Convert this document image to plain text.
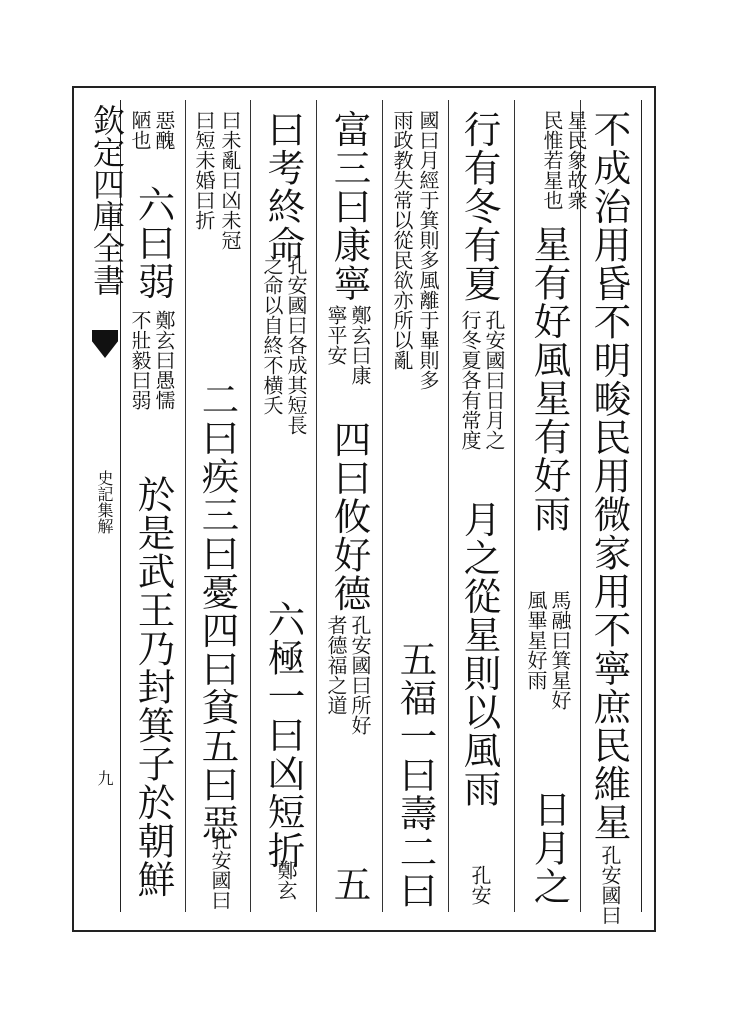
欽定四庫全書
史記集解
九	不成治用昏不明畯民用微家用不寧庶民維星
孔安國曰
星民象故衆
民惟若星也
星有好風星有好雨
馬融曰箕星好
風畢星好雨
日月之
行有冬有夏
孔安國曰日月之
行冬夏各有常度
月之從星則以風雨
孔安
國曰月經于箕則多風離于畢則多
雨政教失常以從民欲亦所以亂
五福一曰壽二曰
富三曰康寧
鄭玄曰康
寧平安
四曰攸好德
孔安國曰所好
者德福之道
五
曰考終命
孔安國曰各成其短長
之命以自終不横夭
六極一曰凶短折
鄭玄
曰未亂曰凶未冠
曰短未婚曰折
二曰疾三曰憂四曰貧五曰惡
孔安國曰
惡醜
陋也
六曰弱
鄭玄曰愚懦
不壯毅曰弱
於是武王乃封箕子於朝鮮
